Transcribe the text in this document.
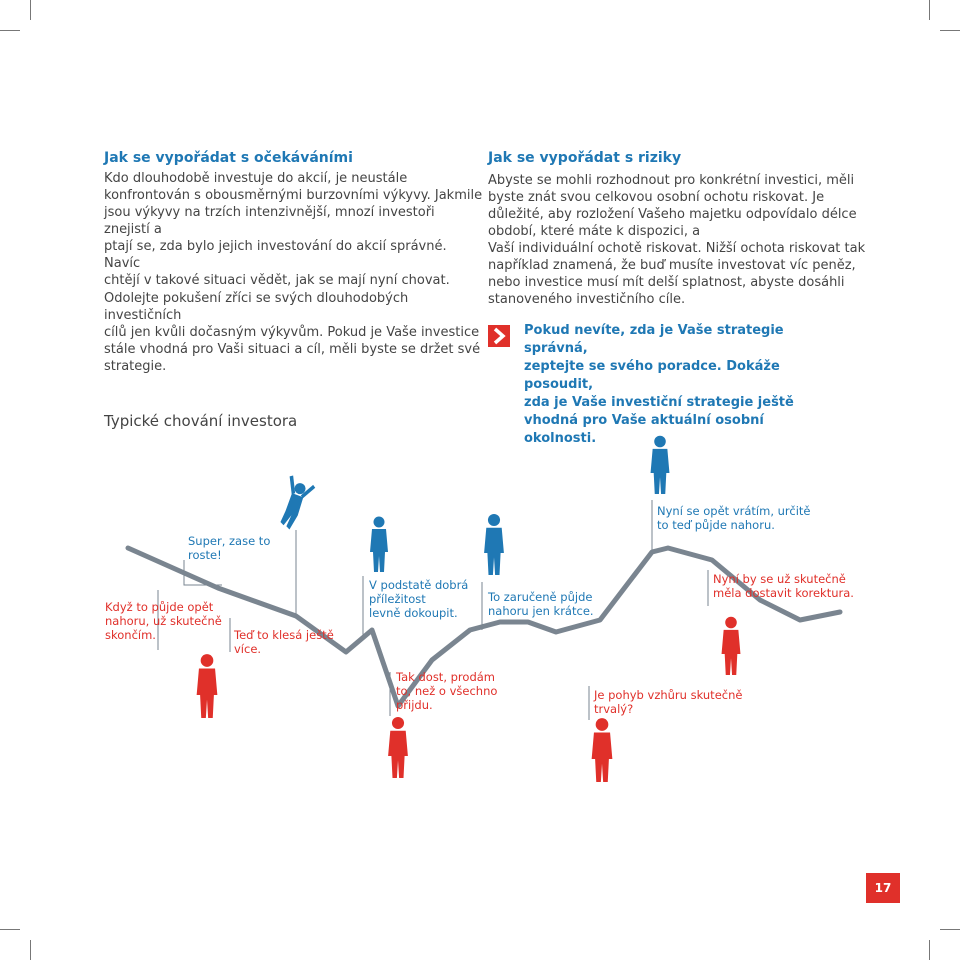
Jak se vypořádat s očekáváními
Kdo dlouhodobě investuje do akcií, je neustále
konfrontován s obousměrnými burzovními výkyvy. Jakmile
jsou výkyvy na trzích intenzivnější, mnozí investoři znejistí a
ptají se, zda bylo jejich investování do akcií správné. Navíc
chtějí v takové situaci vědět, jak se mají nyní chovat.
Odolejte pokušení zříci se svých dlouhodobých investičních
cílů jen kvůli dočasným výkyvům. Pokud je Vaše investice
stále vhodná pro Vaši situaci a cíl, měli byste se držet své
strategie.
Jak se vypořádat s riziky
Abyste se mohli rozhodnout pro konkrétní investici, měli
byste znát svou celkovou osobní ochotu riskovat. Je
důležité, aby rozložení Vašeho majetku odpovídalo délce
období, které máte k dispozici, a
Vaší individuální ochotě riskovat. Nižší ochota riskovat tak
například znamená, že buď musíte investovat víc peněz,
nebo investice musí mít delší splatnost, abyste dosáhli
stanoveného investičního cíle.
Pokud nevíte, zda je Vaše strategie správná,
zeptejte se svého poradce. Dokáže posoudit,
zda je Vaše investiční strategie ještě
vhodná pro Vaše aktuální osobní okolnosti.
Typické chování investora
Super, zase to
roste!
Když to půjde opět
nahoru, už skutečně
skončím.	Teď to klesá ještě
více.
V podstatě dobrá
příležitost
levně dokoupit.
Tak dost, prodám
to, než o všechno
přijdu.
To zaručeně půjde
nahoru jen krátce.
Je pohyb vzhůru skutečně
trvalý?
Nyní se opět vrátím, určitě
to teď půjde nahoru.
Nyní by se už skutečně
měla dostavit korektura.
17
